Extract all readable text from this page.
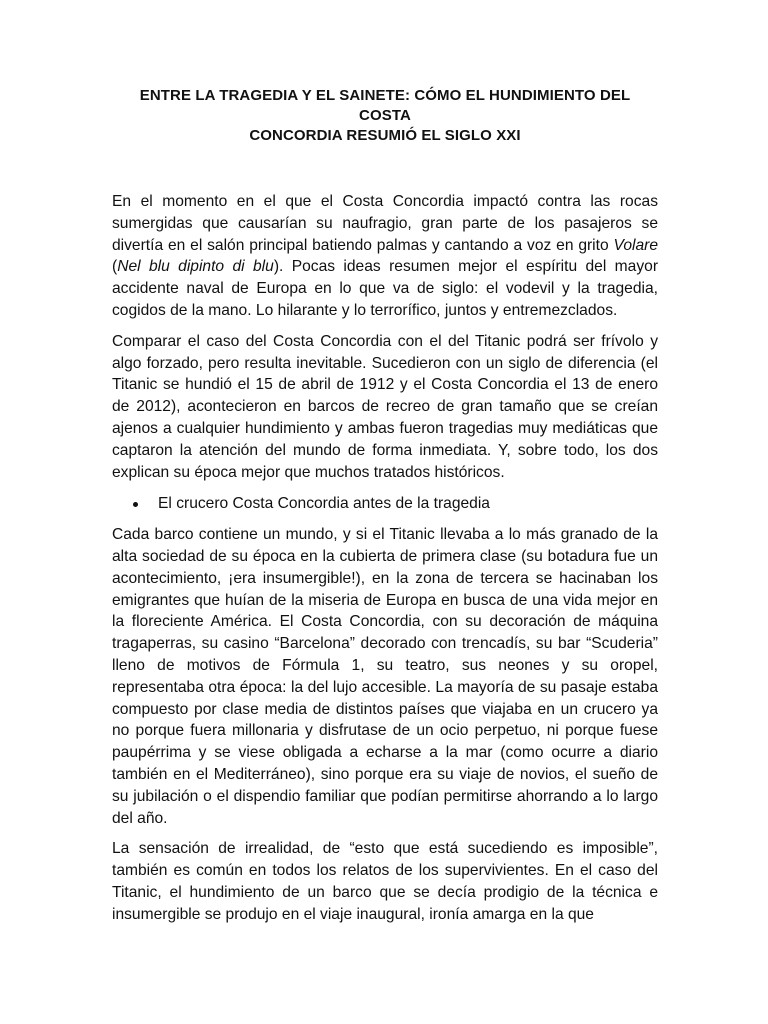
ENTRE LA TRAGEDIA Y EL SAINETE: CÓMO EL HUNDIMIENTO DEL COSTA
CONCORDIA RESUMIÓ EL SIGLO XXI

En el momento en el que el Costa Concordia impactó contra las rocas sumergidas que causarían su naufragio, gran parte de los pasajeros se divertía en el salón principal batiendo palmas y cantando a voz en grito Volare (Nel blu dipinto di blu). Pocas ideas resumen mejor el espíritu del mayor accidente naval de Europa en lo que va de siglo: el vodevil y la tragedia, cogidos de la mano. Lo hilarante y lo terrorífico, juntos y entremezclados.

Comparar el caso del Costa Concordia con el del Titanic podrá ser frívolo y algo forzado, pero resulta inevitable. Sucedieron con un siglo de diferencia (el Titanic se hundió el 15 de abril de 1912 y el Costa Concordia el 13 de enero de 2012), acontecieron en barcos de recreo de gran tamaño que se creían ajenos a cualquier hundimiento y ambas fueron tragedias muy mediáticas que captaron la atención del mundo de forma inmediata. Y, sobre todo, los dos explican su época mejor que muchos tratados históricos.

El crucero Costa Concordia antes de la tragedia

Cada barco contiene un mundo, y si el Titanic llevaba a lo más granado de la alta sociedad de su época en la cubierta de primera clase (su botadura fue un acontecimiento, ¡era insumergible!), en la zona de tercera se hacinaban los emigrantes que huían de la miseria de Europa en busca de una vida mejor en la floreciente América. El Costa Concordia, con su decoración de máquina tragaperras, su casino “Barcelona” decorado con trencadís, su bar “Scuderia” lleno de motivos de Fórmula 1, su teatro, sus neones y su oropel, representaba otra época: la del lujo accesible. La mayoría de su pasaje estaba compuesto por clase media de distintos países que viajaba en un crucero ya no porque fuera millonaria y disfrutase de un ocio perpetuo, ni porque fuese paupérrima y se viese obligada a echarse a la mar (como ocurre a diario también en el Mediterráneo), sino porque era su viaje de novios, el sueño de su jubilación o el dispendio familiar que podían permitirse ahorrando a lo largo del año.

La sensación de irrealidad, de “esto que está sucediendo es imposible”, también es común en todos los relatos de los supervivientes. En el caso del Titanic, el hundimiento de un barco que se decía prodigio de la técnica e insumergible se produjo en el viaje inaugural, ironía amarga en la que
